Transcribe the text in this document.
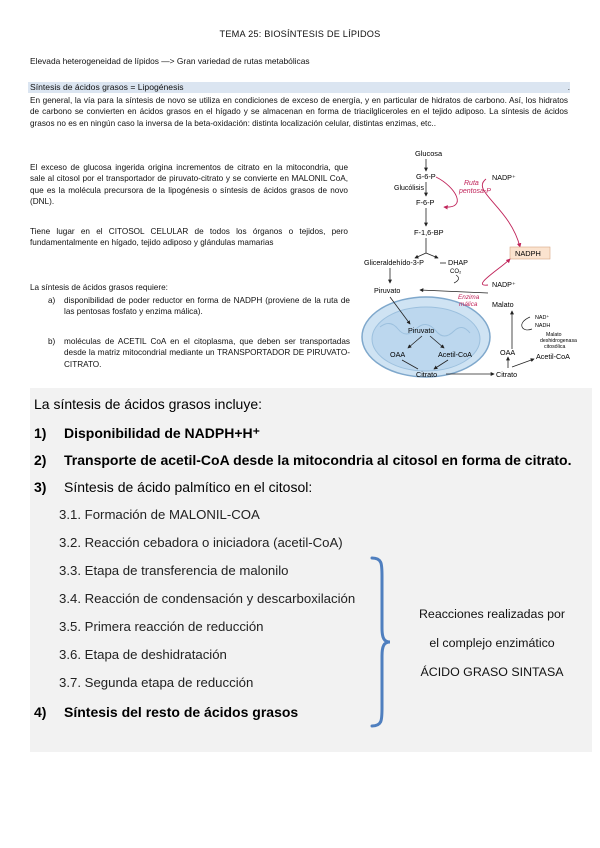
TEMA 25: BIOSÍNTESIS DE LÍPIDOS
Elevada heterogeneidad de lípidos —> Gran variedad de rutas metabólicas
Síntesis de ácidos grasos = Lipogénesis	.
En general, la vía para la síntesis de novo se utiliza en condiciones de exceso de energía, y en particular de hidratos de carbono. Así, los hidratos de carbono se convierten en ácidos grasos en el hígado y se almacenan en forma de triacilgliceroles en el tejido adiposo. La síntesis de ácidos grasos no es en ningún caso la inversa de la beta-oxidación: distinta localización celular, distintas enzimas, etc..
El exceso de glucosa ingerida origina incrementos de citrato en la mitocondria, que sale al citosol por el transportador de piruvato-citrato y se convierte en MALONIL CoA, que es la molécula precursora de la lipogénesis o síntesis de ácidos grasos de novo (DNL).
Tiene lugar en el CITOSOL CELULAR de todos los órganos o tejidos, pero fundamentalmente en hígado, tejido adiposo y glándulas mamarias
La síntesis de ácidos grasos requiere:
a) disponibilidad de poder reductor en forma de NADPH (proviene de la ruta de las pentosas fosfato y enzima málica).
b) moléculas de ACETIL CoA en el citoplasma, que deben ser transportadas desde la matriz mitocondrial mediante un TRANSPORTADOR DE PIRUVATO-CITRATO.
Glucosa
G-6-P
Glucólisis
F-6-P
F-1,6-BP
Gliceraldehído-3-P	DHAP
Ruta
pentosa-P
NADP⁺
NADPH
CO₂
Piruvato
Enzima
málica
NADP⁺
Malato
NAD⁺
NADH
Malato
deshidrogenasa
citosólica
Piruvato
OAA	Acetil-CoA
Citrato	Citrato
OAA	Acetil-CoA
La síntesis de ácidos grasos incluye:
1) Disponibilidad de NADPH+H⁺
2) Transporte de acetil-CoA desde la mitocondria al citosol en forma de citrato.
3) Síntesis de ácido palmítico en el citosol:
3.1. Formación de MALONIL-COA
3.2. Reacción cebadora o iniciadora (acetil-CoA)
3.3. Etapa de transferencia de malonilo
3.4. Reacción de condensación y descarboxilación
3.5. Primera reacción de reducción
3.6. Etapa de deshidratación
3.7. Segunda etapa de reducción
4) Síntesis del resto de ácidos grasos
Reacciones realizadas por
el complejo enzimático
ÁCIDO GRASO SINTASA
